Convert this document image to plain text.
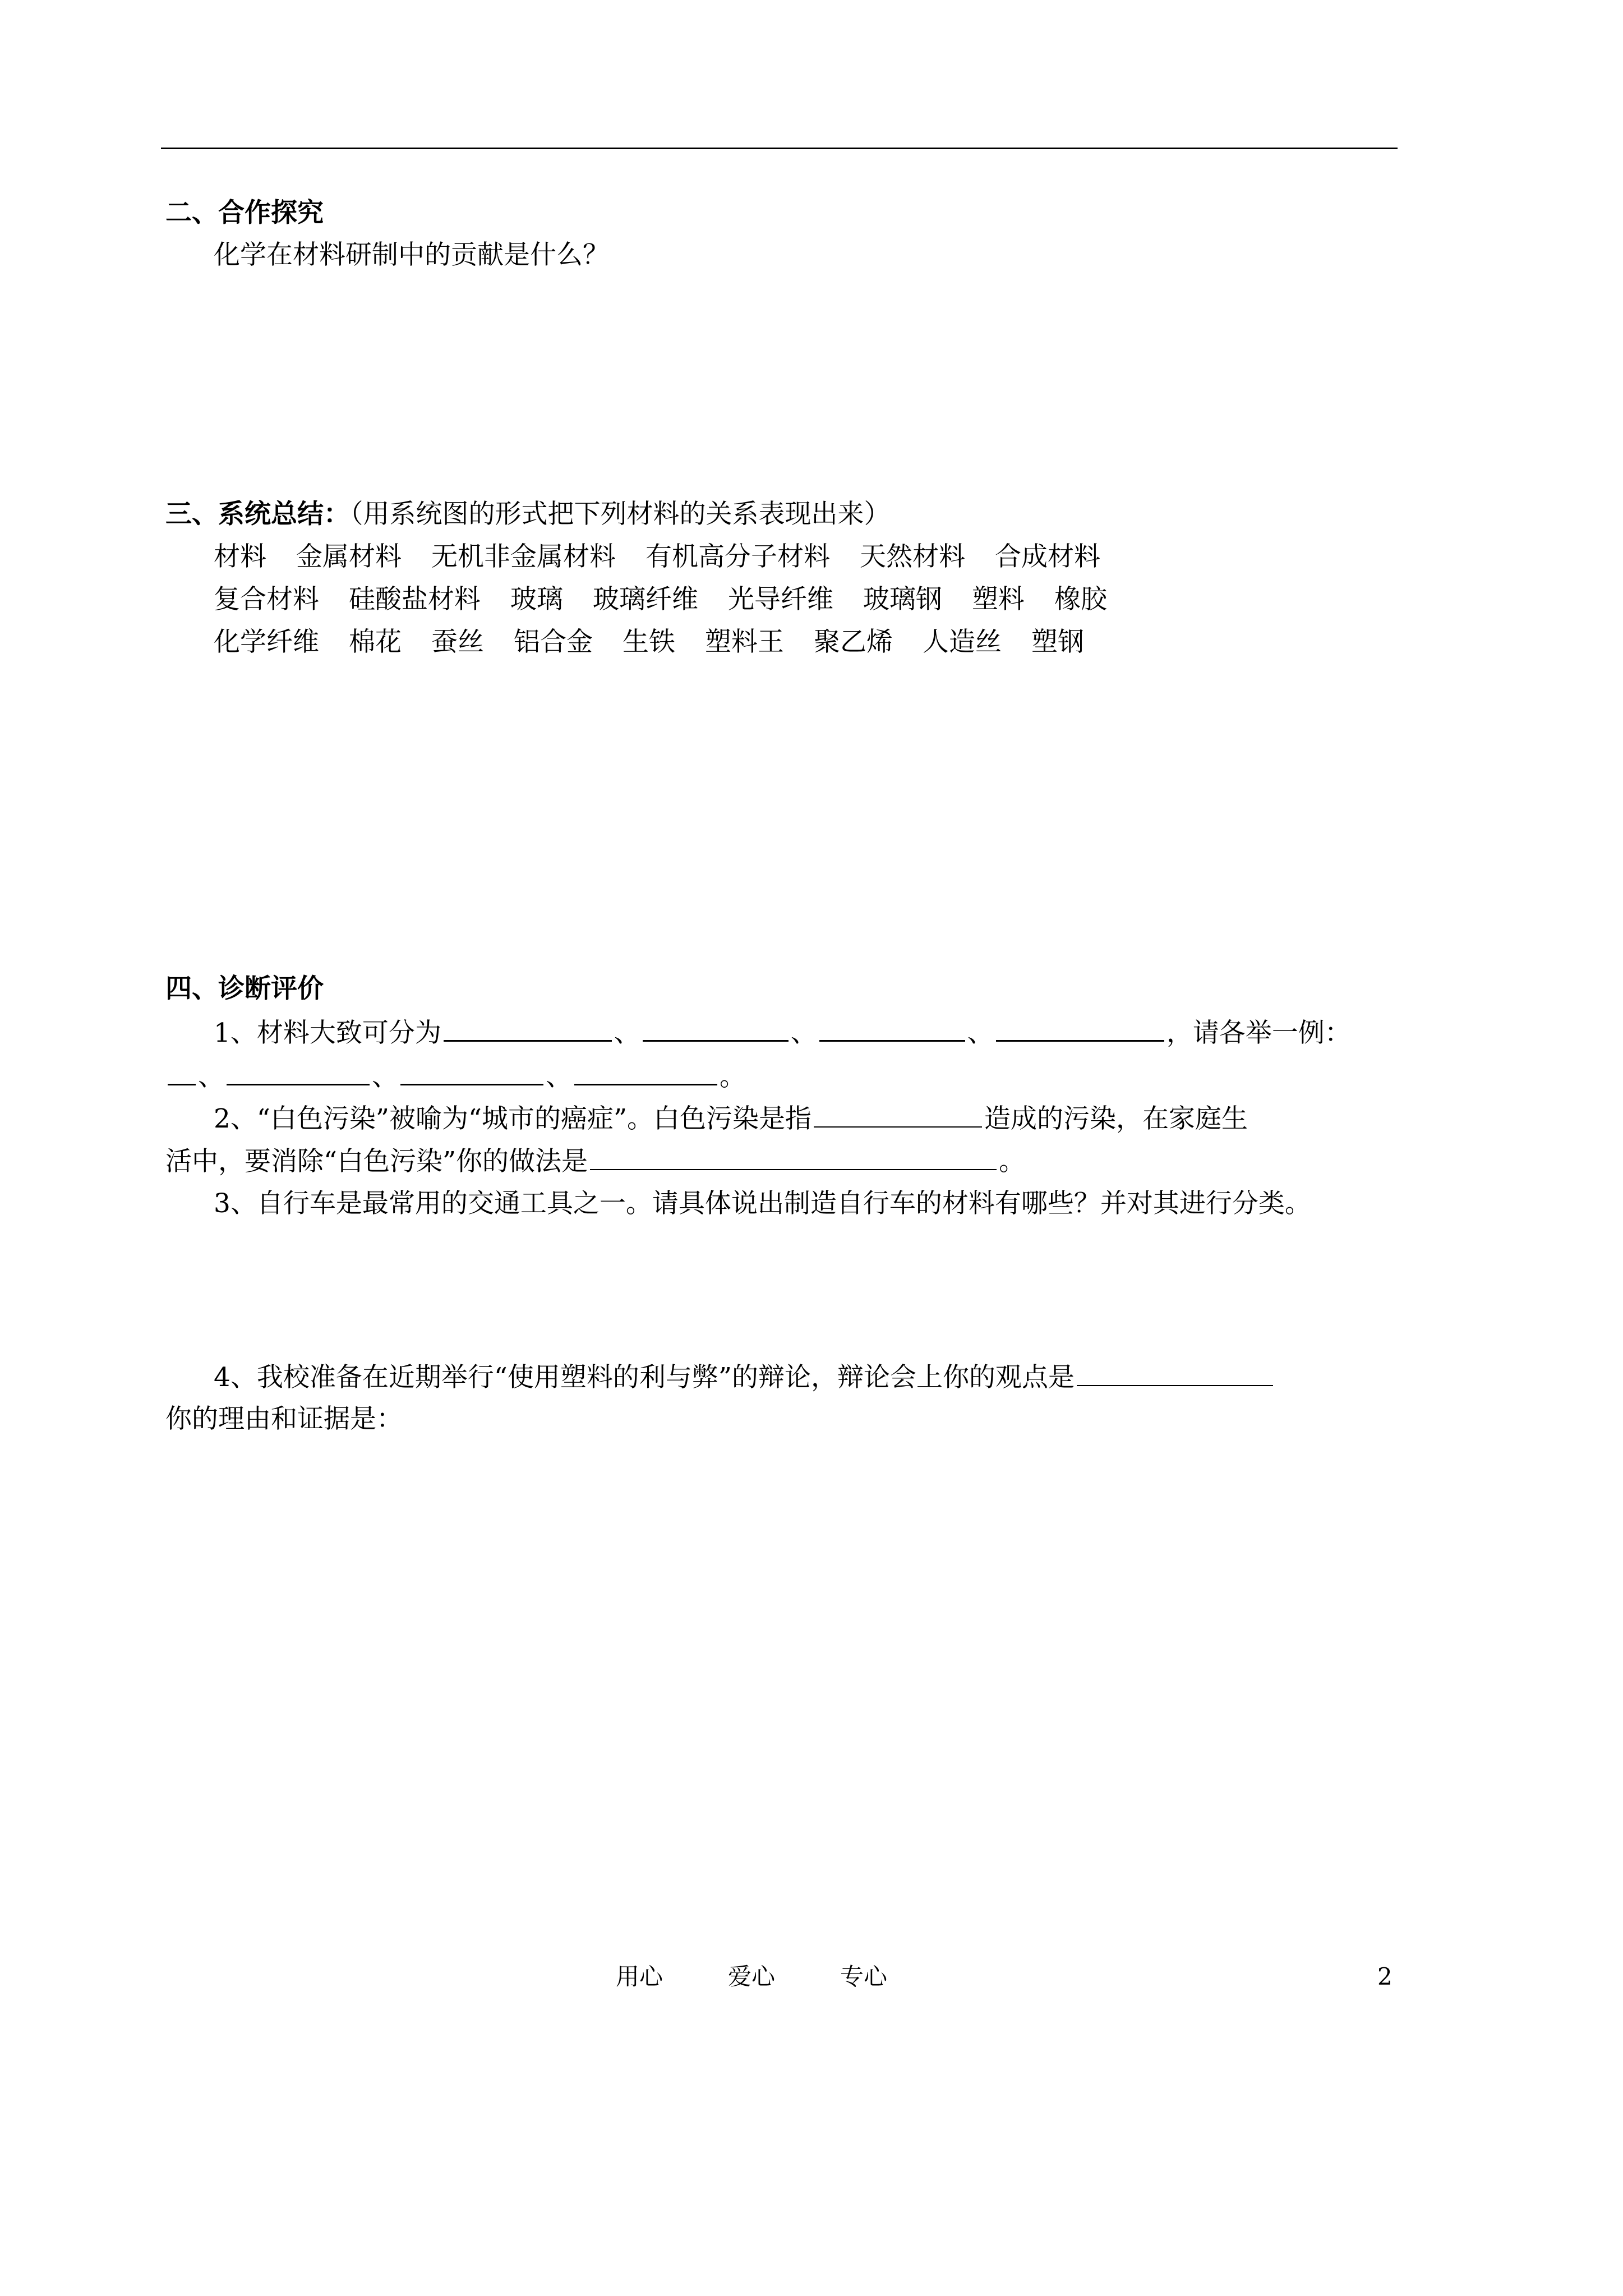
二、合作探究
化学在材料研制中的贡献是什么？
三、系统总结：（用系统图的形式把下列材料的关系表现出来）
材料 金属材料 无机非金属材料 有机高分子材料 天然材料 合成材料
复合材料 硅酸盐材料 玻璃 玻璃纤维 光导纤维 玻璃钢 塑料 橡胶
化学纤维 棉花 蚕丝 铝合金 生铁 塑料王 聚乙烯 人造丝 塑钢
四、诊断评价
1、材料大致可分为	、	、	、	，请各举一例：
、	、	、	。
2、“白色污染”被喻为“城市的癌症”。白色污染是指	造成的污染，在家庭生
活中，要消除“白色污染”你的做法是	。
3、自行车是最常用的交通工具之一。请具体说出制造自行车的材料有哪些？并对其进行分类。
4、我校准备在近期举行“使用塑料的利与弊”的辩论，辩论会上你的观点是
你的理由和证据是：
用心	爱心	专心	2
